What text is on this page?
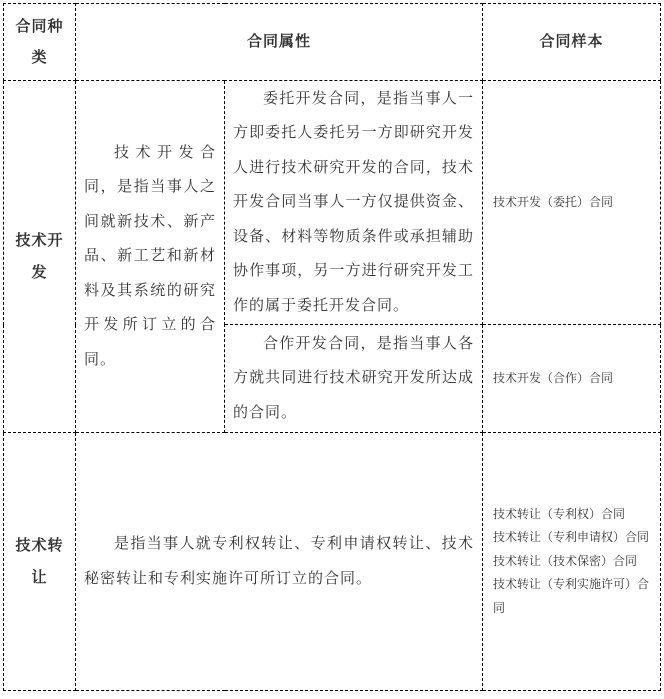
合同种类	合同属性		合同样本
技术开发	技术开发合同，是指当事人之间就新技术、新产品、新工艺和新材料及其系统的研究开发所订立的合同。	委托开发合同，是指当事人一方即委托人委托另一方即研究开发人进行技术研究开发的合同，技术开发合同当事人一方仅提供资金、设备、材料等物质条件或承担辅助协作事项，另一方进行研究开发工作的属于委托开发合同。	技术开发（委托）合同
		合作开发合同，是指当事人各方就共同进行技术研究开发所达成的合同。	技术开发（合作）合同
技术转让	是指当事人就专利权转让、专利申请权转让、技术秘密转让和专利实施许可所订立的合同。		技术转让（专利权）合同
技术转让（专利申请权）合同
技术转让（技术保密）合同
技术转让（专利实施许可）合同
